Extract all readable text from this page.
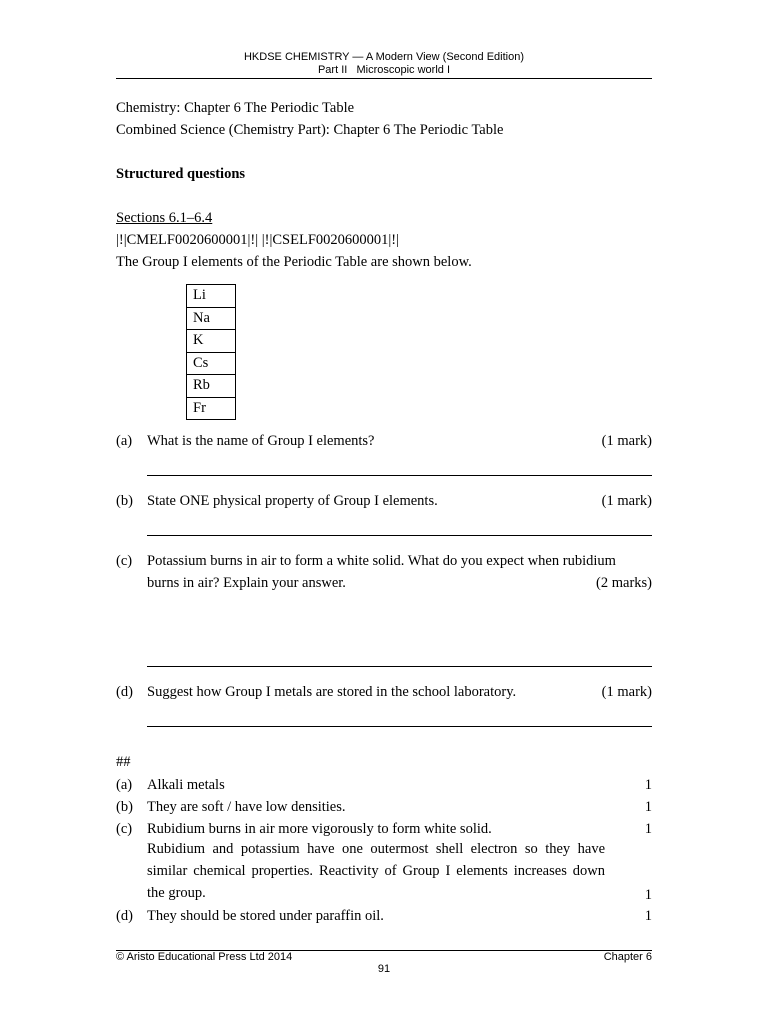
HKDSE CHEMISTRY — A Modern View (Second Edition)
Part II   Microscopic world I
Chemistry: Chapter 6 The Periodic Table
Combined Science (Chemistry Part): Chapter 6 The Periodic Table
Structured questions
Sections 6.1–6.4
|!|CMELF0020600001|!| |!|CSELF0020600001|!|
The Group I elements of the Periodic Table are shown below.
Li
Na
K
Cs
Rb
Fr
(a) What is the name of Group I elements?	(1 mark)
(b) State ONE physical property of Group I elements.	(1 mark)
(c) Potassium burns in air to form a white solid. What do you expect when rubidium
burns in air? Explain your answer.	(2 marks)
(d) Suggest how Group I metals are stored in the school laboratory.	(1 mark)
##
(a) Alkali metals	1
(b) They are soft / have low densities.	1
(c) Rubidium burns in air more vigorously to form white solid.	1
Rubidium and potassium have one outermost shell electron so they have similar chemical properties. Reactivity of Group I elements increases down the group.	1
(d) They should be stored under paraffin oil.	1
© Aristo Educational Press Ltd 2014	Chapter 6
91
